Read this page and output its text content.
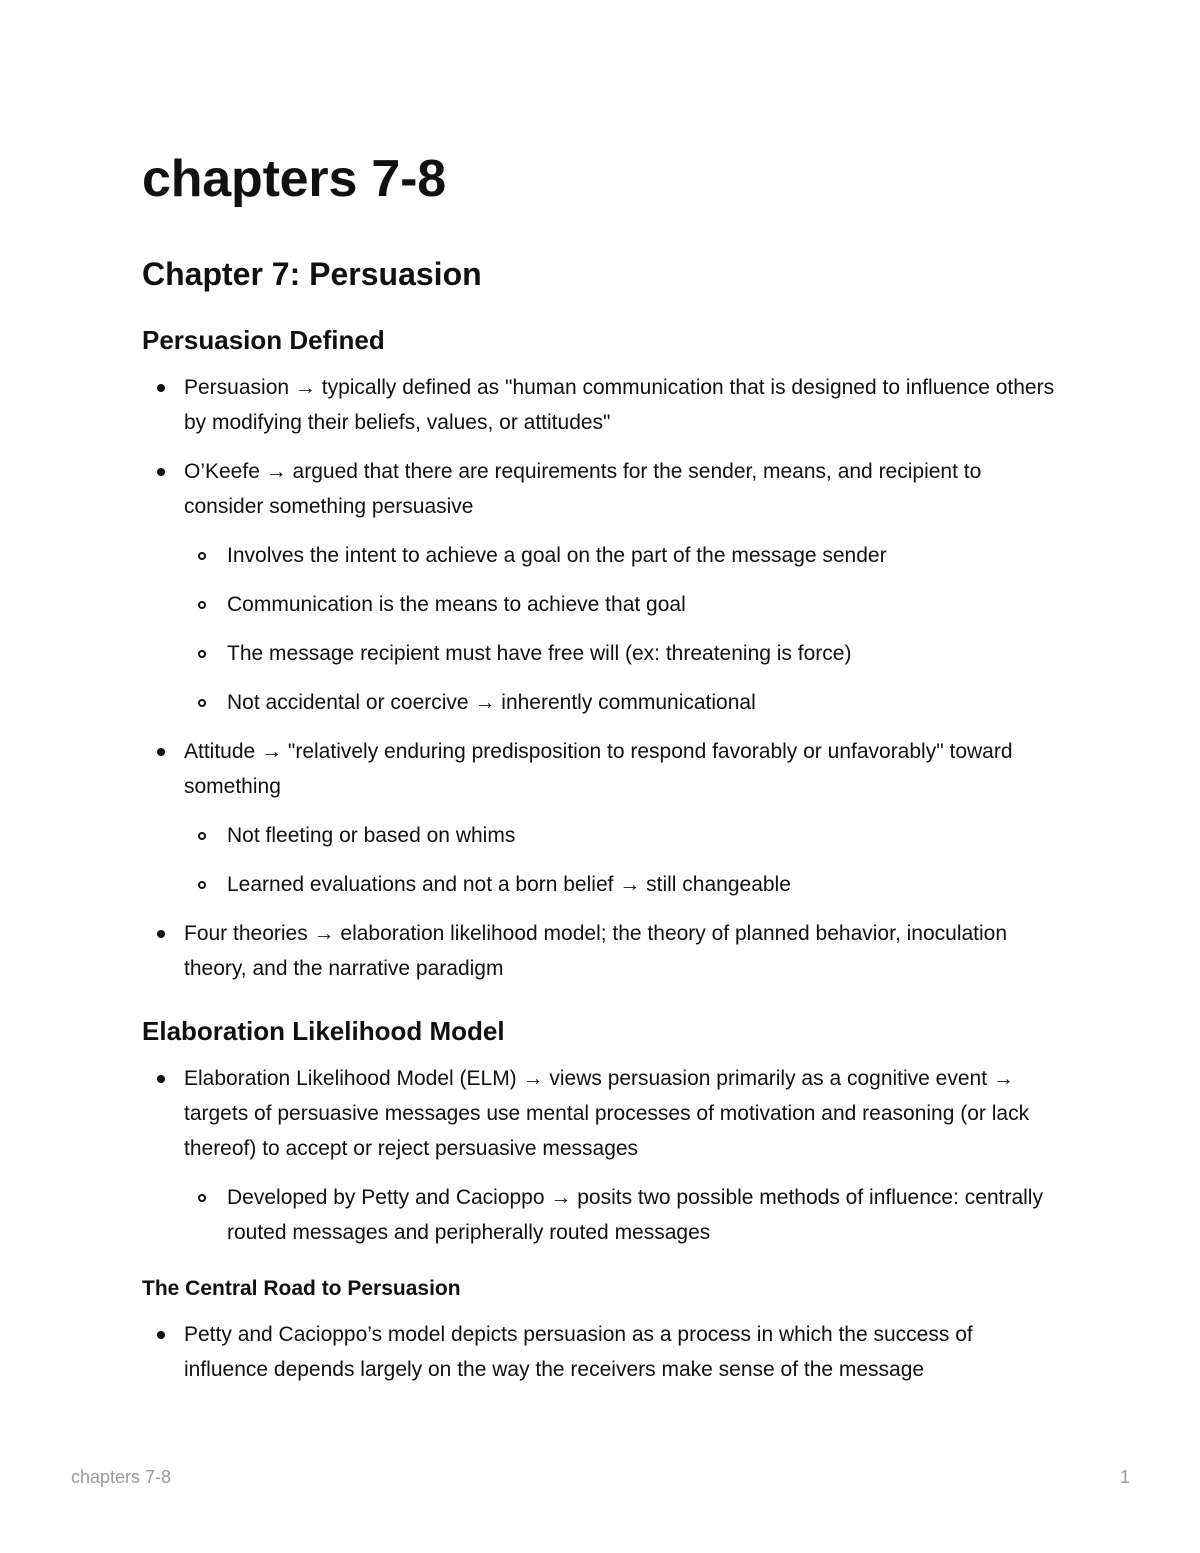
chapters 7-8
Chapter 7: Persuasion
Persuasion Defined
Persuasion → typically defined as "human communication that is designed to influence others by modifying their beliefs, values, or attitudes"
O’Keefe → argued that there are requirements for the sender, means, and recipient to consider something persuasive
Involves the intent to achieve a goal on the part of the message sender
Communication is the means to achieve that goal
The message recipient must have free will (ex: threatening is force)
Not accidental or coercive → inherently communicational
Attitude → "relatively enduring predisposition to respond favorably or unfavorably" toward something
Not fleeting or based on whims
Learned evaluations and not a born belief → still changeable
Four theories → elaboration likelihood model; the theory of planned behavior, inoculation theory, and the narrative paradigm
Elaboration Likelihood Model
Elaboration Likelihood Model (ELM) → views persuasion primarily as a cognitive event → targets of persuasive messages use mental processes of motivation and reasoning (or lack thereof) to accept or reject persuasive messages
Developed by Petty and Cacioppo → posits two possible methods of influence: centrally routed messages and peripherally routed messages
The Central Road to Persuasion
Petty and Cacioppo’s model depicts persuasion as a process in which the success of influence depends largely on the way the receivers make sense of the message
chapters 7-8	1
